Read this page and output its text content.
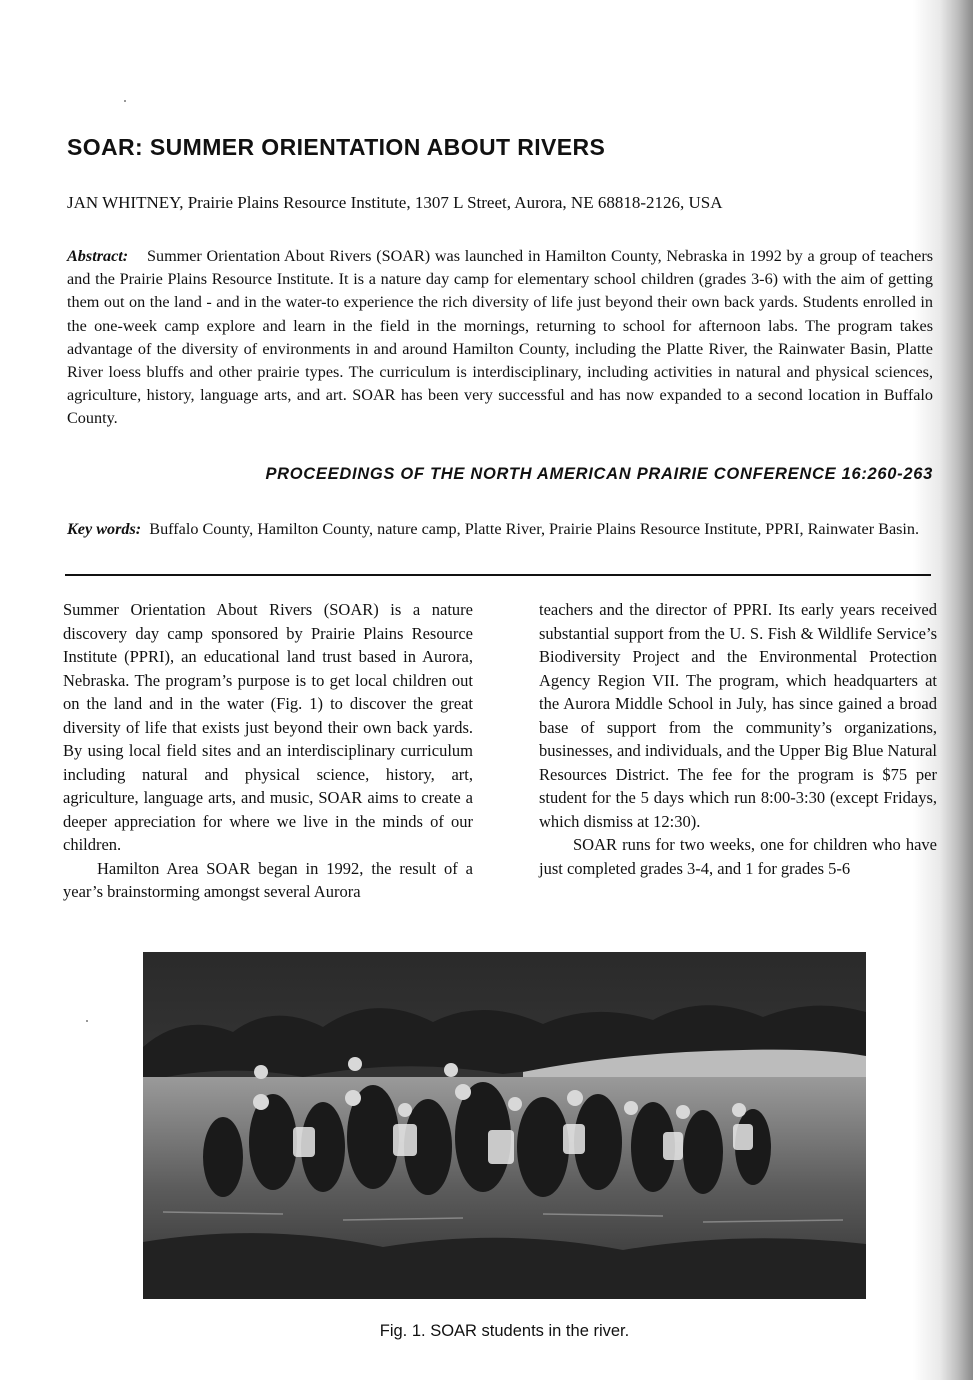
SOAR: SUMMER ORIENTATION ABOUT RIVERS

JAN WHITNEY, Prairie Plains Resource Institute, 1307 L Street, Aurora, NE 68818-2126, USA

Abstract: Summer Orientation About Rivers (SOAR) was launched in Hamilton County, Nebraska in 1992 by a group of teachers and the Prairie Plains Resource Institute. It is a nature day camp for elementary school children (grades 3-6) with the aim of getting them out on the land - and in the water-to experience the rich diversity of life just beyond their own back yards. Students enrolled in the one-week camp explore and learn in the field in the mornings, returning to school for afternoon labs. The program takes advantage of the diversity of environments in and around Hamilton County, including the Platte River, the Rainwater Basin, Platte River loess bluffs and other prairie types. The curriculum is interdisciplinary, including activities in natural and physical sciences, agriculture, history, language arts, and art. SOAR has been very successful and has now expanded to a second location in Buffalo County.

PROCEEDINGS OF THE NORTH AMERICAN PRAIRIE CONFERENCE 16:260-263

Key words: Buffalo County, Hamilton County, nature camp, Platte River, Prairie Plains Resource Institute, PPRI, Rainwater Basin.

Summer Orientation About Rivers (SOAR) is a nature discovery day camp sponsored by Prairie Plains Resource Institute (PPRI), an educational land trust based in Aurora, Nebraska. The program’s purpose is to get local children out on the land and in the water (Fig. 1) to discover the great diversity of life that exists just beyond their own back yards. By using local field sites and an interdisciplinary curriculum including natural and physical science, history, art, agriculture, language arts, and music, SOAR aims to create a deeper appreciation for where we live in the minds of our children.

Hamilton Area SOAR began in 1992, the result of a year’s brainstorming amongst several Aurora

teachers and the director of PPRI. Its early years received substantial support from the U. S. Fish & Wildlife Service’s Biodiversity Project and the Environmental Protection Agency Region VII. The program, which headquarters at the Aurora Middle School in July, has since gained a broad base of support from the community’s organizations, businesses, and individuals, and the Upper Big Blue Natural Resources District. The fee for the program is $75 per student for the 5 days which run 8:00-3:30 (except Fridays, which dismiss at 12:30).

SOAR runs for two weeks, one for children who have just completed grades 3-4, and 1 for grades 5-6

Fig. 1. SOAR students in the river.
